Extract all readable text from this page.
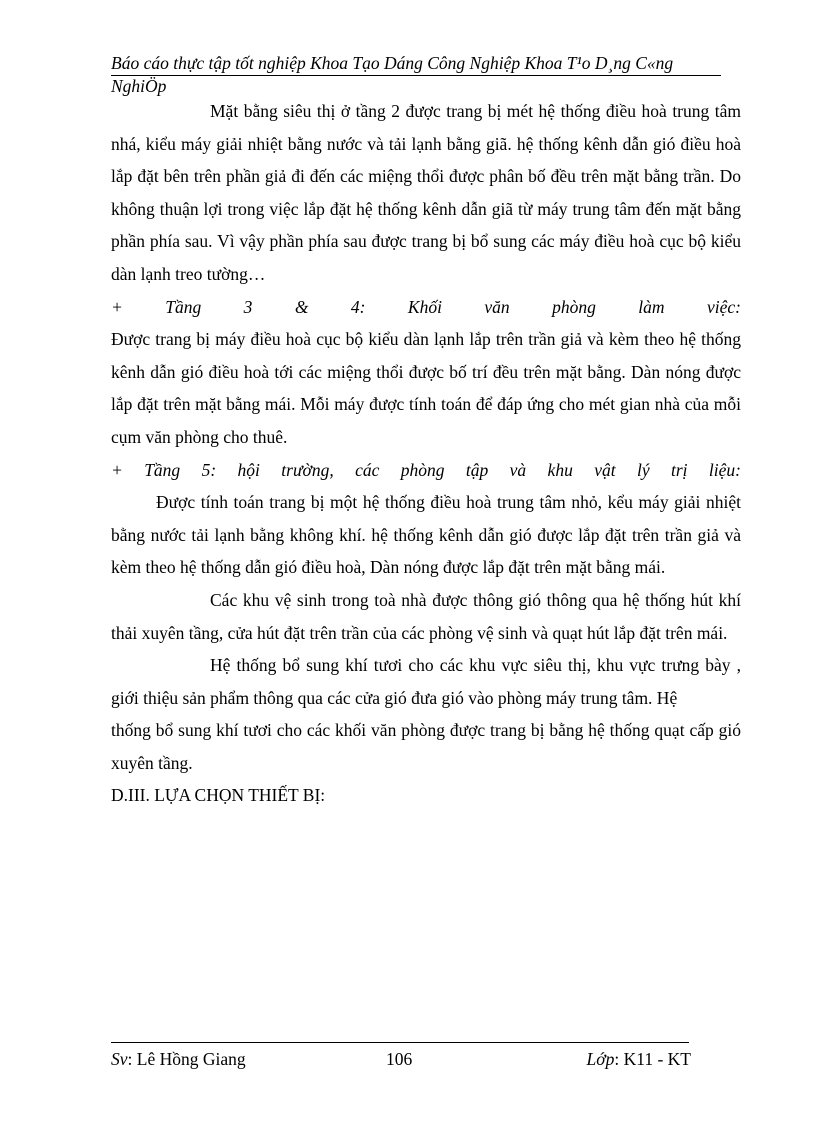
Báo cáo thực tập tốt nghiệp Khoa Tạo Dáng Công Nghiệp Khoa T¹o D¸ng C«ng NghiÖp

Mặt bằng siêu thị ở tầng 2 được trang bị mét hệ thống điều hoà trung tâm nhá, kiểu máy giải nhiệt bằng nước và tải lạnh bằng giã. hệ thống kênh dẫn gió điều hoà lắp đặt bên trên phần giả đi đến các miệng thổi được phân bố đều trên mặt bằng trần. Do không thuận lợi trong việc lắp đặt hệ thống kênh dẫn giã từ máy trung tâm đến mặt bằng phần phía sau. Vì vậy phần phía sau được trang bị bổ sung các máy điều hoà cục bộ kiểu dàn lạnh treo tường…

+ Tầng 3 & 4: Khối văn phòng làm việc:

Được trang bị máy điều hoà cục bộ kiểu dàn lạnh lắp trên trần giả và kèm theo hệ thống kênh dẫn gió điều hoà tới các miệng thổi được bố trí đều trên mặt bằng. Dàn nóng được lắp đặt trên mặt bằng mái. Mỗi máy được tính toán để đáp ứng cho mét gian nhà của mỗi cụm văn phòng cho thuê.

+ Tầng 5: hội trường, các phòng tập và khu vật lý trị liệu:

Được tính toán trang bị một hệ thống điều hoà trung tâm nhỏ, kểu máy giải nhiệt bằng nước tải lạnh bằng không khí. hệ thống kênh dẫn gió được lắp đặt trên trần giả và kèm theo hệ thống dẫn gió điều hoà, Dàn nóng được lắp đặt trên mặt bằng mái.

Các khu vệ sinh trong toà nhà được thông gió thông qua hệ thống hút khí thải xuyên tầng, cửa hút đặt trên trần của các phòng vệ sinh và quạt hút lắp đặt trên mái.

Hệ thống bổ sung khí tươi cho các khu vực siêu thị, khu vực trưng bày , giới thiệu sản phẩm thông qua các cửa gió đưa gió vào phòng máy trung tâm. Hệ

thống bổ sung khí tươi cho các khối văn phòng được trang bị bằng hệ thống quạt cấp gió xuyên tầng.

D.III. LỰA CHỌN THIẾT BỊ:

Sv: Lê Hồng Giang	106	Lớp: K11 - KT
